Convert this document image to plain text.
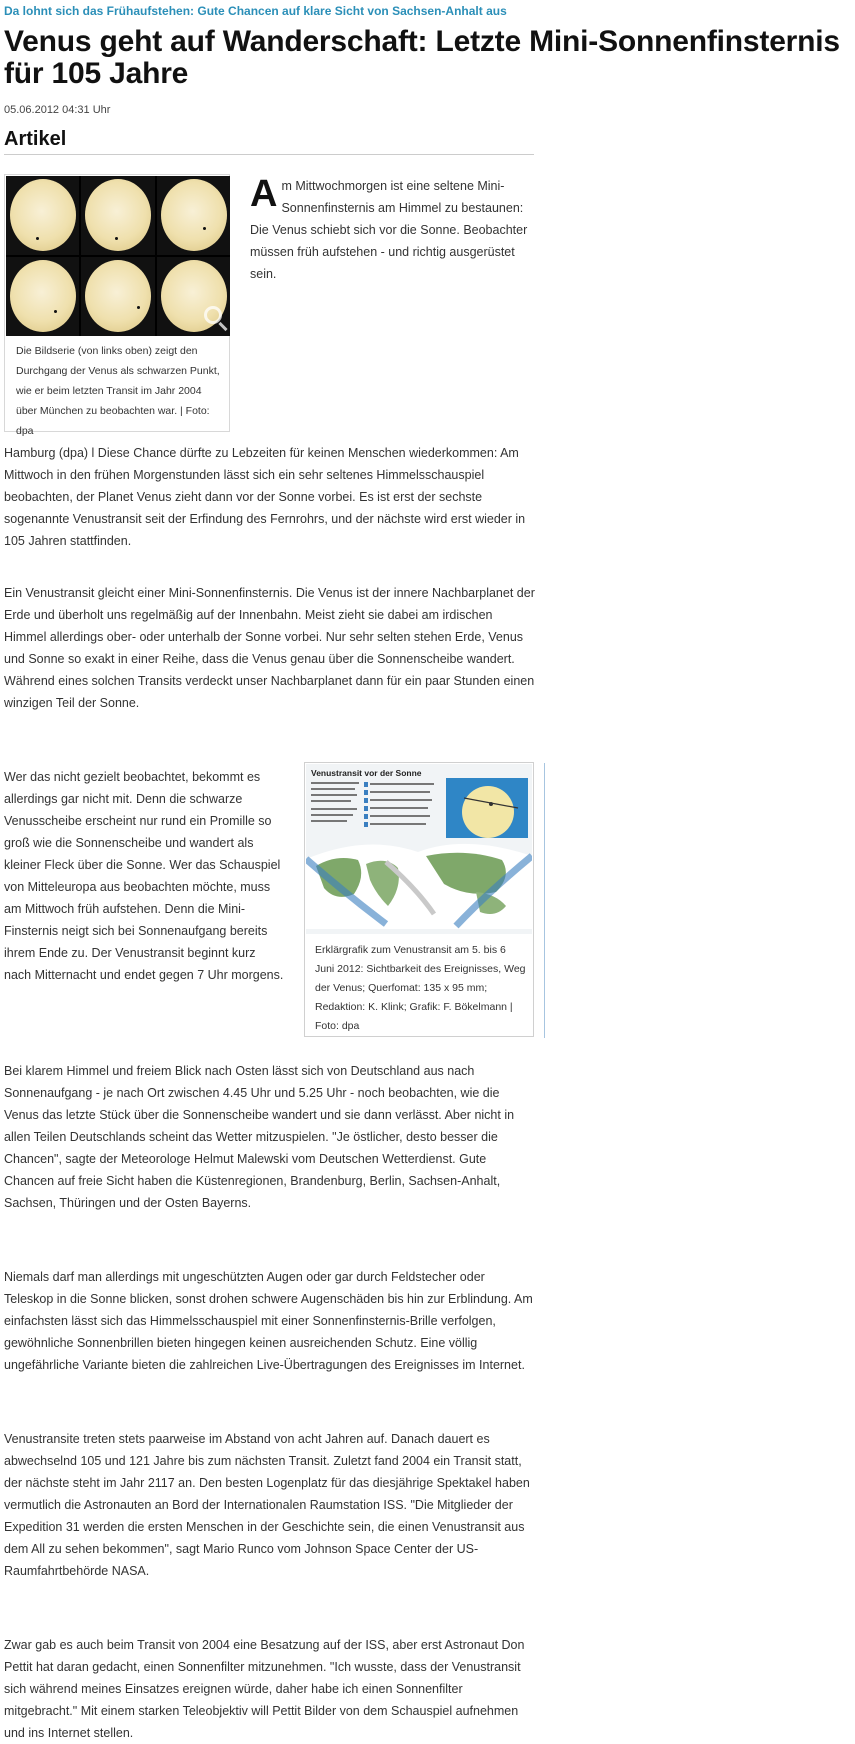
Da lohnt sich das Frühaufstehen: Gute Chancen auf klare Sicht von Sachsen-Anhalt aus
Venus geht auf Wanderschaft: Letzte Mini-Sonnenfinsternis für 105 Jahre
05.06.2012 04:31 Uhr
Artikel
Die Bildserie (von links oben) zeigt den Durchgang der Venus als schwarzen Punkt, wie er beim letzten Transit im Jahr 2004 über München zu beobachten war. | Foto: dpa
Am Mittwochmorgen ist eine seltene Mini-Sonnenfinsternis am Himmel zu bestaunen: Die Venus schiebt sich vor die Sonne. Beobachter müssen früh aufstehen - und richtig ausgerüstet sein.

Hamburg (dpa) l Diese Chance dürfte zu Lebzeiten für keinen Menschen wiederkommen: Am Mittwoch in den frühen Morgenstunden lässt sich ein sehr seltenes Himmelsschauspiel beobachten, der Planet Venus zieht dann vor der Sonne vorbei. Es ist erst der sechste sogenannte Venustransit seit der Erfindung des Fernrohrs, und der nächste wird erst wieder in 105 Jahren stattfinden.

Ein Venustransit gleicht einer Mini-Sonnenfinsternis. Die Venus ist der innere Nachbarplanet der Erde und überholt uns regelmäßig auf der Innenbahn. Meist zieht sie dabei am irdischen Himmel allerdings ober- oder unterhalb der Sonne vorbei. Nur sehr selten stehen Erde, Venus und Sonne so exakt in einer Reihe, dass die Venus genau über die Sonnenscheibe wandert. Während eines solchen Transits verdeckt unser Nachbarplanet dann für ein paar Stunden einen winzigen Teil der Sonne.

Wer das nicht gezielt beobachtet, bekommt es allerdings gar nicht mit. Denn die schwarze Venusscheibe erscheint nur rund ein Promille so groß wie die Sonnenscheibe und wandert als kleiner Fleck über die Sonne. Wer das Schauspiel von Mitteleuropa aus beobachten möchte, muss am Mittwoch früh aufstehen. Denn die Mini-Finsternis neigt sich bei Sonnenaufgang bereits ihrem Ende zu. Der Venustransit beginnt kurz nach Mitternacht und endet gegen 7 Uhr morgens.

Bei klarem Himmel und freiem Blick nach Osten lässt sich von Deutschland aus nach Sonnenaufgang - je nach Ort zwischen 4.45 Uhr und 5.25 Uhr - noch beobachten, wie die Venus das letzte Stück über die Sonnenscheibe wandert und sie dann verlässt. Aber nicht in allen Teilen Deutschlands scheint das Wetter mitzuspielen. "Je östlicher, desto besser die Chancen", sagte der Meteorologe Helmut Malewski vom Deutschen Wetterdienst. Gute Chancen auf freie Sicht haben die Küstenregionen, Brandenburg, Berlin, Sachsen-Anhalt, Sachsen, Thüringen und der Osten Bayerns.

Niemals darf man allerdings mit ungeschützten Augen oder gar durch Feldstecher oder Teleskop in die Sonne blicken, sonst drohen schwere Augenschäden bis hin zur Erblindung. Am einfachsten lässt sich das Himmelsschauspiel mit einer Sonnenfinsternis-Brille verfolgen, gewöhnliche Sonnenbrillen bieten hingegen keinen ausreichenden Schutz. Eine völlig ungefährliche Variante bieten die zahlreichen Live-Übertragungen des Ereignisses im Internet.

Venustransite treten stets paarweise im Abstand von acht Jahren auf. Danach dauert es abwechselnd 105 und 121 Jahre bis zum nächsten Transit. Zuletzt fand 2004 ein Transit statt, der nächste steht im Jahr 2117 an. Den besten Logenplatz für das diesjährige Spektakel haben vermutlich die Astronauten an Bord der Internationalen Raumstation ISS. "Die Mitglieder der Expedition 31 werden die ersten Menschen in der Geschichte sein, die einen Venustransit aus dem All zu sehen bekommen", sagt Mario Runco vom Johnson Space Center der US-Raumfahrtbehörde NASA.

Zwar gab es auch beim Transit von 2004 eine Besatzung auf der ISS, aber erst Astronaut Don Pettit hat daran gedacht, einen Sonnenfilter mitzunehmen. "Ich wusste, dass der Venustransit sich während meines Einsatzes ereignen würde, daher habe ich einen Sonnenfilter mitgebracht." Mit einem starken Teleobjektiv will Pettit Bilder von dem Schauspiel aufnehmen und ins Internet stellen.

Venustransit vor der Sonne
Erklärgrafik zum Venustransit am 5. bis 6 Juni 2012: Sichtbarkeit des Ereignisses, Weg der Venus; Querfomat: 135 x 95 mm; Redaktion: K. Klink; Grafik: F. Bökelmann | Foto: dpa
